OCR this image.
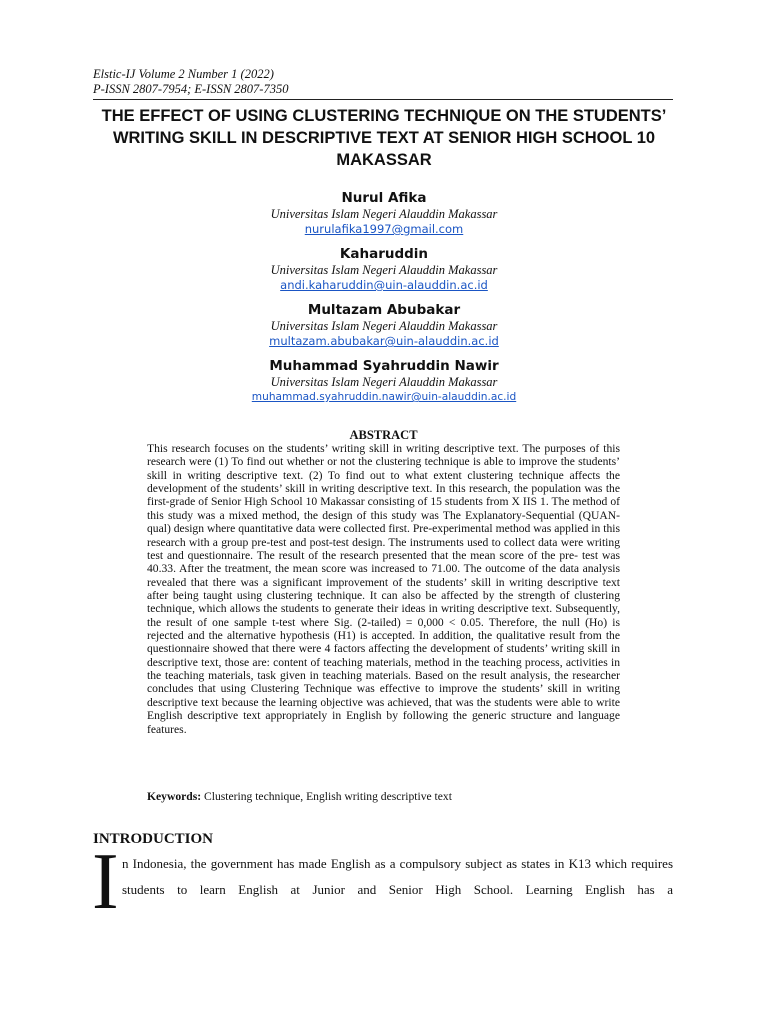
Elstic-IJ Volume 2 Number 1 (2022)
P-ISSN 2807-7954; E-ISSN 2807-7350
THE EFFECT OF USING CLUSTERING TECHNIQUE ON THE STUDENTS’ WRITING SKILL IN DESCRIPTIVE TEXT AT SENIOR HIGH SCHOOL 10 MAKASSAR
Nurul Afika
Universitas Islam Negeri Alauddin Makassar
nurulafika1997@gmail.com
Kaharuddin
Universitas Islam Negeri Alauddin Makassar
andi.kaharuddin@uin-alauddin.ac.id
Multazam Abubakar
Universitas Islam Negeri Alauddin Makassar
multazam.abubakar@uin-alauddin.ac.id
Muhammad Syahruddin Nawir
Universitas Islam Negeri Alauddin Makassar
muhammad.syahruddin.nawir@uin-alauddin.ac.id
ABSTRACT

This research focuses on the students’ writing skill in writing descriptive text. The purposes of this research were (1) To find out whether or not the clustering technique is able to improve the students’ skill in writing descriptive text. (2) To find out to what extent clustering technique affects the development of the students’ skill in writing descriptive text. In this research, the population was the first-grade of Senior High School 10 Makassar consisting of 15 students from X IIS 1. The method of this study was a mixed method, the design of this study was The Explanatory-Sequential (QUAN-qual) design where quantitative data were collected first. Pre-experimental method was applied in this research with a group pre-test and post-test design. The instruments used to collect data were writing test and questionnaire. The result of the research presented that the mean score of the pre- test was 40.33. After the treatment, the mean score was increased to 71.00. The outcome of the data analysis revealed that there was a significant improvement of the students’ skill in writing descriptive text after being taught using clustering technique. It can also be affected by the strength of clustering technique, which allows the students to generate their ideas in writing descriptive text. Subsequently, the result of one sample t-test where Sig. (2-tailed) = 0,000 < 0.05. Therefore, the null (Ho) is rejected and the alternative hypothesis (H1) is accepted. In addition, the qualitative result from the questionnaire showed that there were 4 factors affecting the development of students’ writing skill in descriptive text, those are: content of teaching materials, method in the teaching process, activities in the teaching materials, task given in teaching materials. Based on the result analysis, the researcher concludes that using Clustering Technique was effective to improve the students’ skill in writing descriptive text because the learning objective was achieved, that was the students were able to write English descriptive text appropriately in English by following the generic structure and language features.

Keywords: Clustering technique, English writing descriptive text
INTRODUCTION
I n Indonesia, the government has made English as a compulsory subject as states in K13 which requires students to learn English at Junior and Senior High School. Learning English has a
